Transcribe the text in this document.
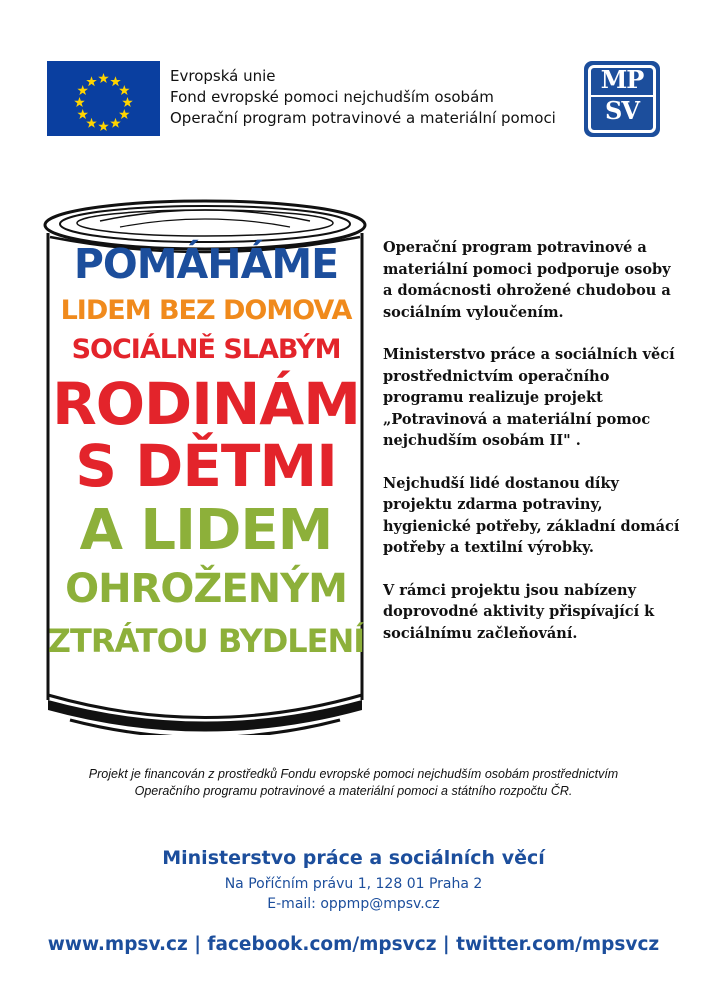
Evropská unie
Fond evropské pomoci nejchudším osobám
Operační program potravinové a materiální pomoci
MP
SV
POMÁHÁME
LIDEM BEZ DOMOVA
SOCIÁLNĚ SLABÝM
RODINÁM
S DĚTMI
A LIDEM
OHROŽENÝM
ZTRÁTOU BYDLENÍ

Operační program potravinové a materiální pomoci podporuje osoby a domácnosti ohrožené chudobou a sociálním vyloučením.

Ministerstvo práce a sociálních věcí prostřednictvím operačního programu realizuje projekt „Potravinová a materiální pomoc nejchudším osobám II" .

Nejchudší lidé dostanou díky projektu zdarma potraviny, hygienické potřeby, základní domácí potřeby a textilní výrobky.

V rámci projektu jsou nabízeny doprovodné aktivity přispívající k sociálnímu začleňování.

Projekt je financován z prostředků Fondu evropské pomoci nejchudším osobám prostřednictvím
Operačního programu potravinové a materiální pomoci a státního rozpočtu ČR.
Ministerstvo práce a sociálních věcí
Na Poříčním právu 1, 128 01 Praha 2
E-mail: oppmp@mpsv.cz
www.mpsv.cz | facebook.com/mpsvcz | twitter.com/mpsvcz
